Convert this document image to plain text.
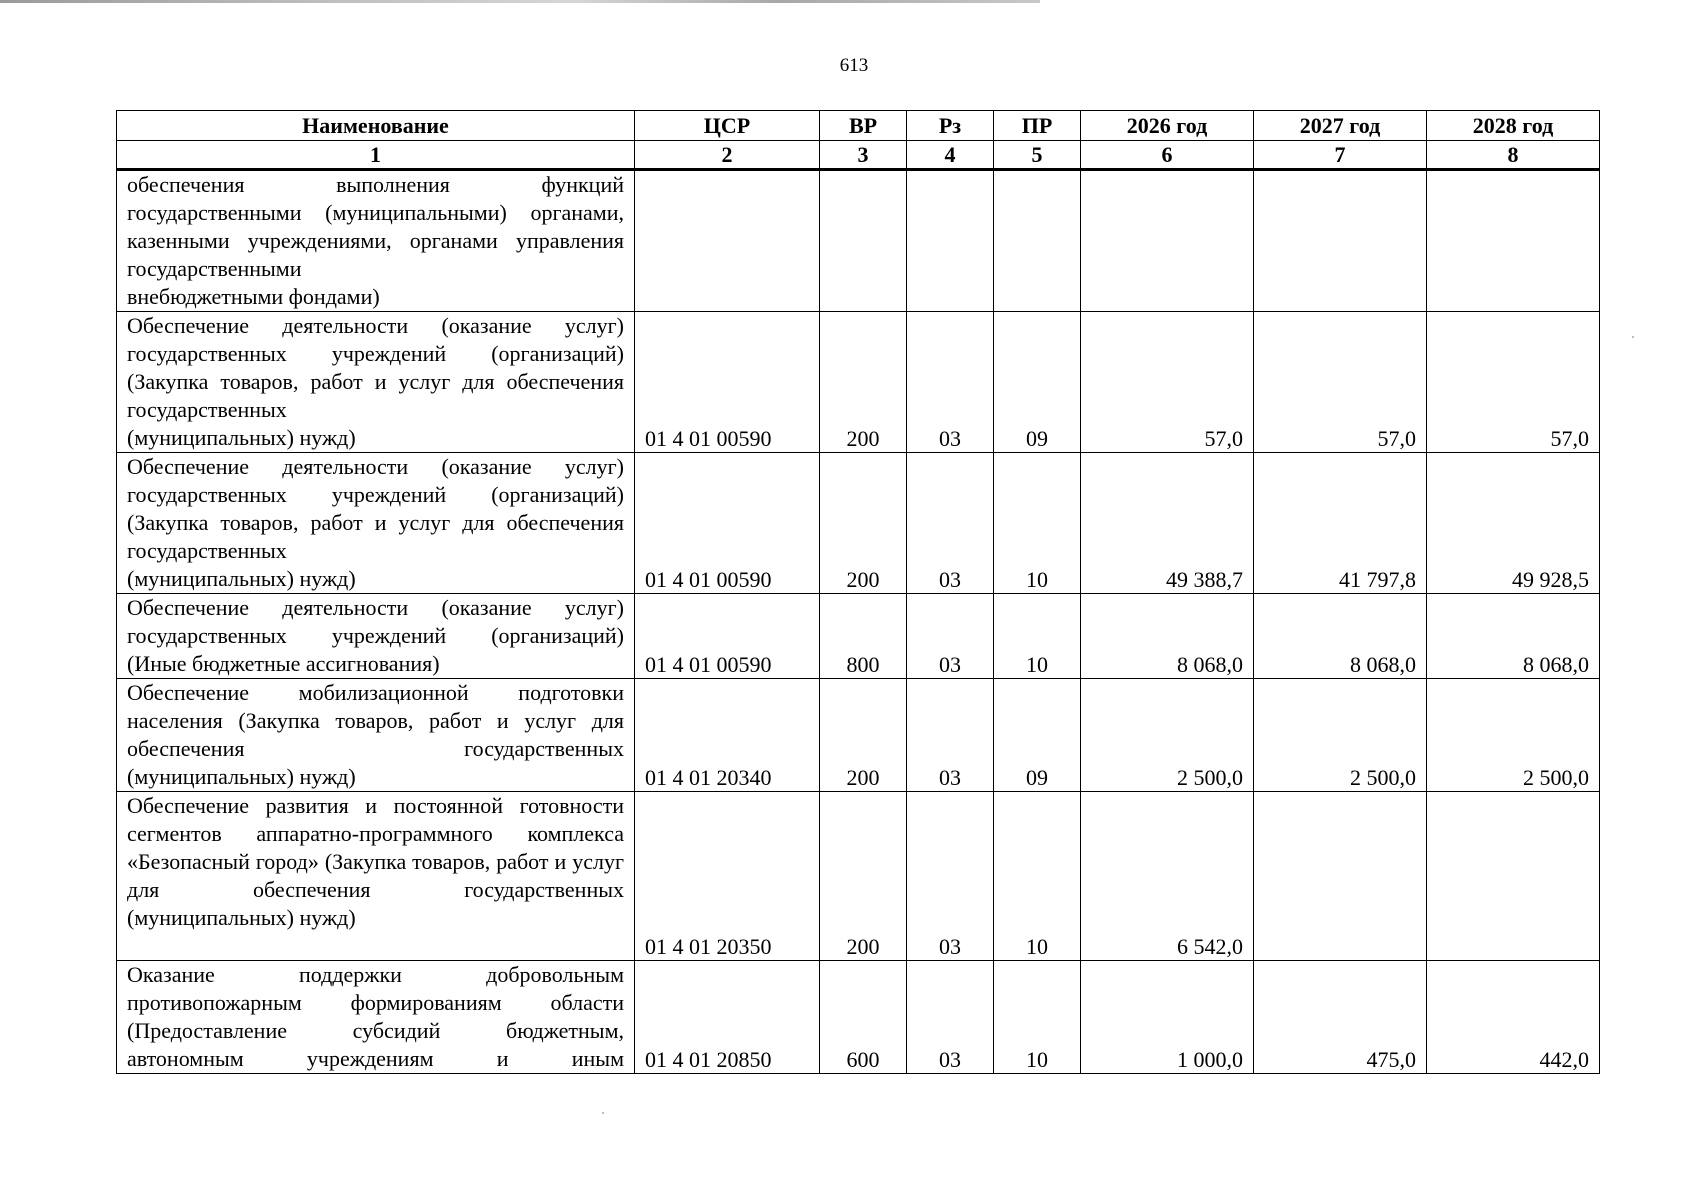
613
Наименование	ЦСР	ВР	Рз	ПР	2026 год	2027 год	2028 год
1	2	3	4	5	6	7	8

обеспечения выполнения функций государственными (муниципальными) органами, казенными учреждениями, органами управления государственными
внебюджетными фондами)							

Обеспечение деятельности (оказание услуг) государственных учреждений (организаций) (Закупка товаров, работ и услуг для обеспечения государственных
(муниципальных) нужд)	01 4 01 00590	200	03	09	57,0	57,0	57,0

Обеспечение деятельности (оказание услуг) государственных учреждений (организаций) (Закупка товаров, работ и услуг для обеспечения государственных
(муниципальных) нужд)	01 4 01 00590	200	03	10	49 388,7	41 797,8	49 928,5

Обеспечение деятельности (оказание услуг) государственных учреждений (организаций)
(Иные бюджетные ассигнования)	01 4 01 00590	800	03	10	8 068,0	8 068,0	8 068,0

Обеспечение мобилизационной подготовки населения (Закупка товаров, работ и услуг для обеспечения государственных
(муниципальных) нужд)	01 4 01 20340	200	03	09	2 500,0	2 500,0	2 500,0

Обеспечение развития и постоянной готовности сегментов аппаратно-программного комплекса «Безопасный город» (Закупка товаров, работ и услуг для обеспечения государственных
(муниципальных) нужд)	01 4 01 20350	200	03	10	6 542,0		

Оказание поддержки добровольным противопожарным формированиям области (Предоставление субсидий бюджетным,
автономным учреждениям и иным	01 4 01 20850	600	03	10	1 000,0	475,0	442,0
